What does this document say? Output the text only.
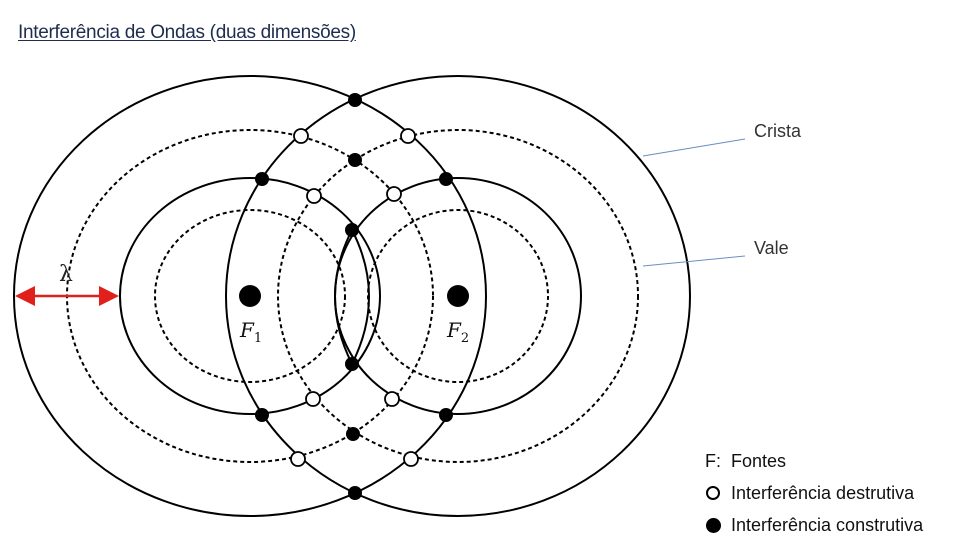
Interferência de Ondas (duas dimensões)
Crista
Vale
λ
$F_1$	$F_2$
F: Fontes
Interferência destrutiva
Interferência construtiva
